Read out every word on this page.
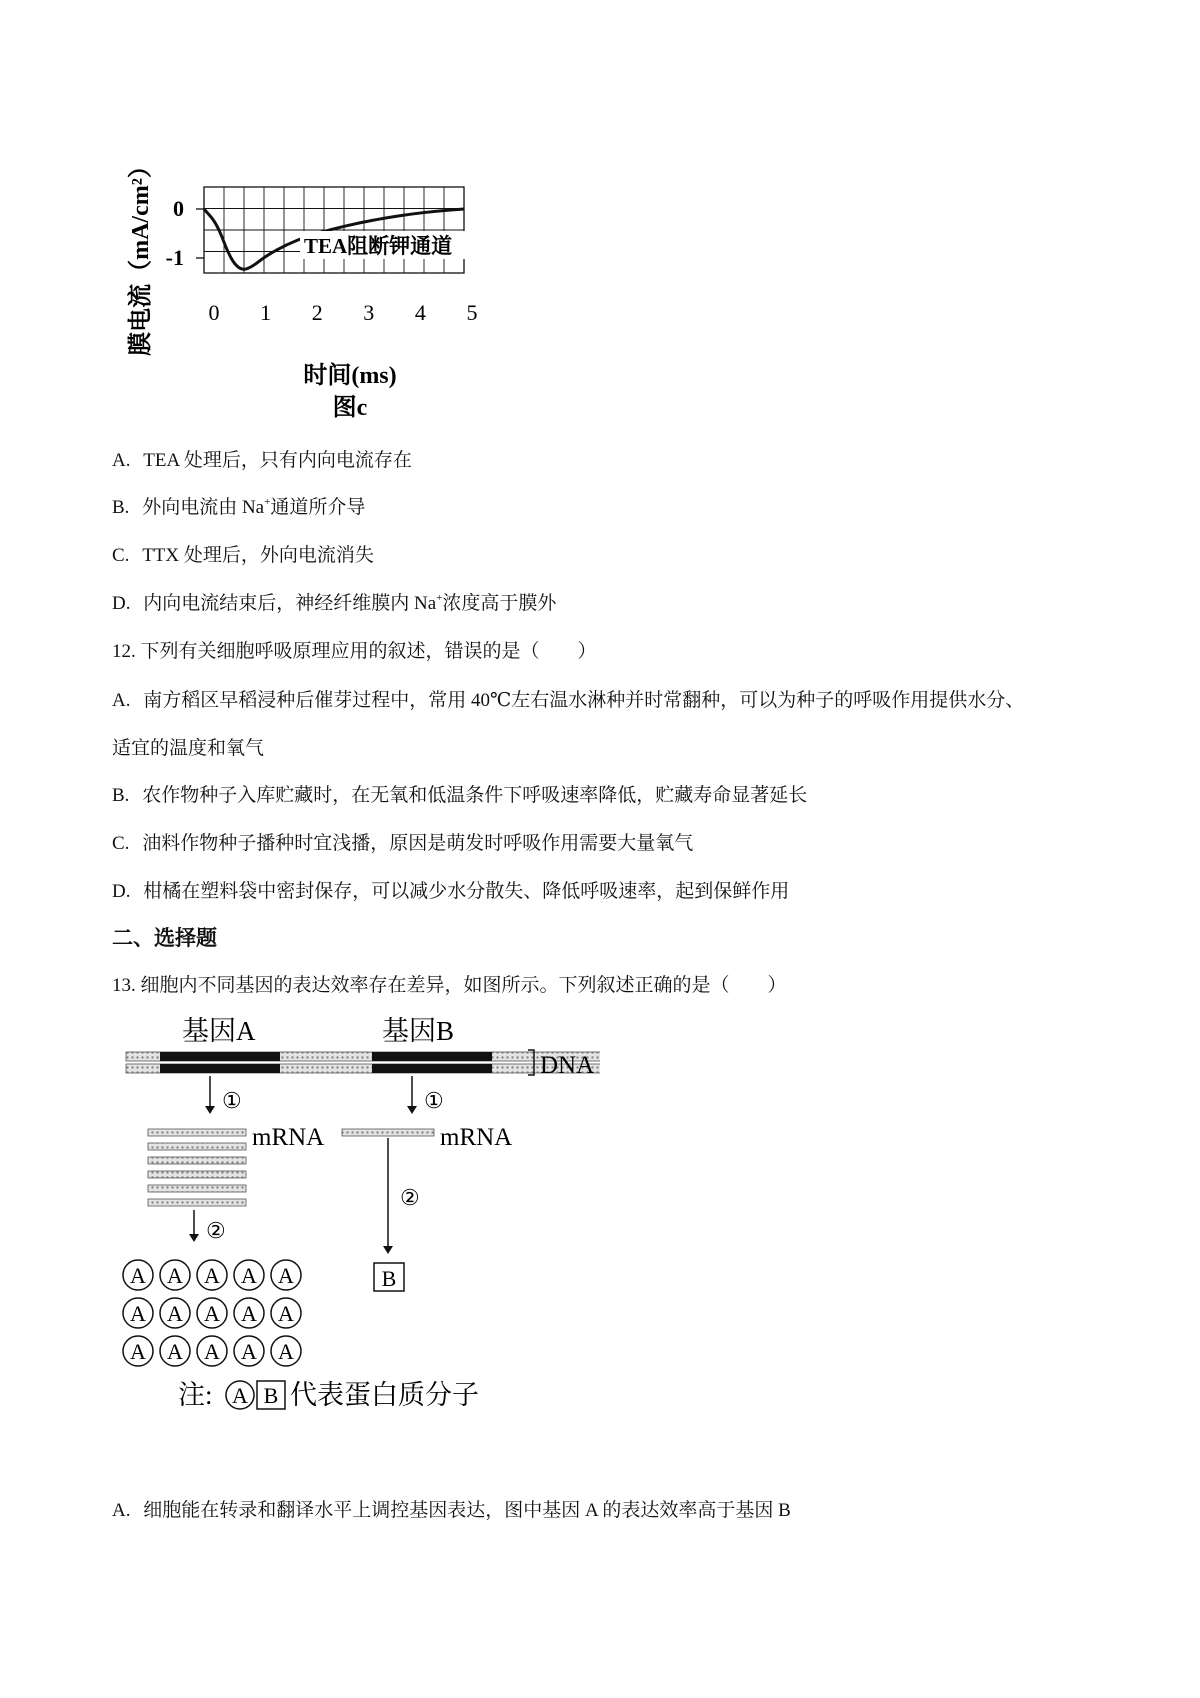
膜电流（mA/cm²） 0
-1	TEA阻断钾通道
0 1 2 3 4 5
时间(ms)
图c
A. TEA 处理后，只有内向电流存在
B. 外向电流由 Na+通道所介导
C. TTX 处理后，外向电流消失
D. 内向电流结束后，神经纤维膜内 Na+浓度高于膜外
12. 下列有关细胞呼吸原理应用的叙述，错误的是（　　）
A. 南方稻区早稻浸种后催芽过程中，常用 40℃左右温水淋种并时常翻种，可以为种子的呼吸作用提供水分、
适宜的温度和氧气
B. 农作物种子入库贮藏时，在无氧和低温条件下呼吸速率降低，贮藏寿命显著延长
C. 油料作物种子播种时宜浅播，原因是萌发时呼吸作用需要大量氧气
D. 柑橘在塑料袋中密封保存，可以减少水分散失、降低呼吸速率，起到保鲜作用
二、选择题
13. 细胞内不同基因的表达效率存在差异，如图所示。下列叙述正确的是（　　）
基因A	基因B
DNA
①	①
mRNA	mRNA
②
②
B
A A A A A
A A A A A
A A A A A
注: A B 代表蛋白质分子
A. 细胞能在转录和翻译水平上调控基因表达，图中基因 A 的表达效率高于基因 B
